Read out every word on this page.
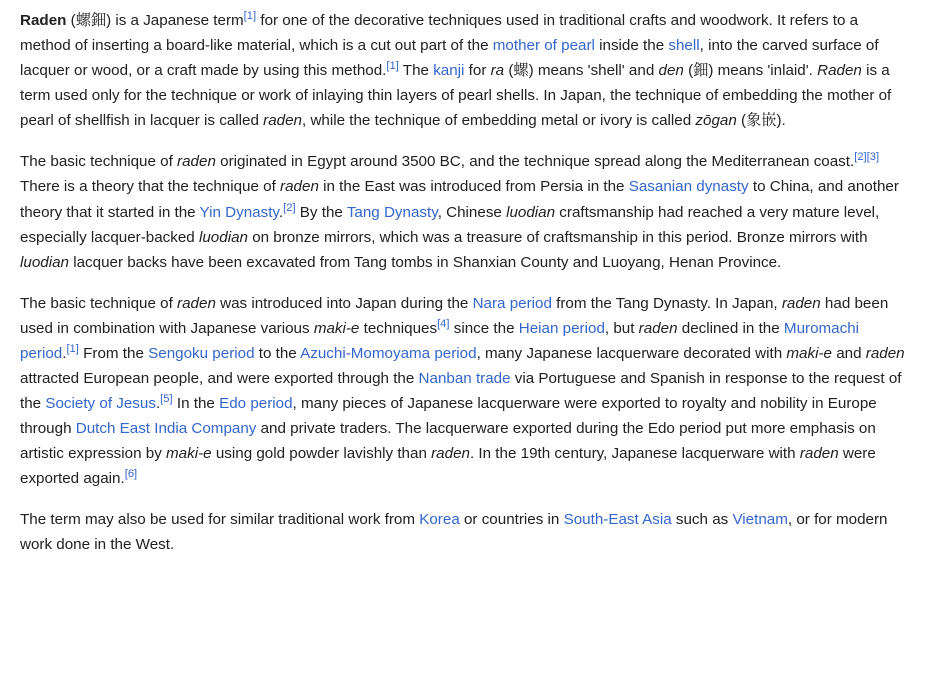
Raden (螺鈿) is a Japanese term[1] for one of the decorative techniques used in traditional crafts and woodwork. It refers to a method of inserting a board-like material, which is a cut out part of the mother of pearl inside the shell, into the carved surface of lacquer or wood, or a craft made by using this method.[1] The kanji for ra (螺) means 'shell' and den (鈿) means 'inlaid'. Raden is a term used only for the technique or work of inlaying thin layers of pearl shells. In Japan, the technique of embedding the mother of pearl of shellfish in lacquer is called raden, while the technique of embedding metal or ivory is called zōgan (象嵌).

The basic technique of raden originated in Egypt around 3500 BC, and the technique spread along the Mediterranean coast.[2][3] There is a theory that the technique of raden in the East was introduced from Persia in the Sasanian dynasty to China, and another theory that it started in the Yin Dynasty.[2] By the Tang Dynasty, Chinese luodian craftsmanship had reached a very mature level, especially lacquer-backed luodian on bronze mirrors, which was a treasure of craftsmanship in this period. Bronze mirrors with luodian lacquer backs have been excavated from Tang tombs in Shanxian County and Luoyang, Henan Province.

The basic technique of raden was introduced into Japan during the Nara period from the Tang Dynasty. In Japan, raden had been used in combination with Japanese various maki-e techniques[4] since the Heian period, but raden declined in the Muromachi period.[1] From the Sengoku period to the Azuchi-Momoyama period, many Japanese lacquerware decorated with maki-e and raden attracted European people, and were exported through the Nanban trade via Portuguese and Spanish in response to the request of the Society of Jesus.[5] In the Edo period, many pieces of Japanese lacquerware were exported to royalty and nobility in Europe through Dutch East India Company and private traders. The lacquerware exported during the Edo period put more emphasis on artistic expression by maki-e using gold powder lavishly than raden. In the 19th century, Japanese lacquerware with raden were exported again.[6]

The term may also be used for similar traditional work from Korea or countries in South-East Asia such as Vietnam, or for modern work done in the West.
